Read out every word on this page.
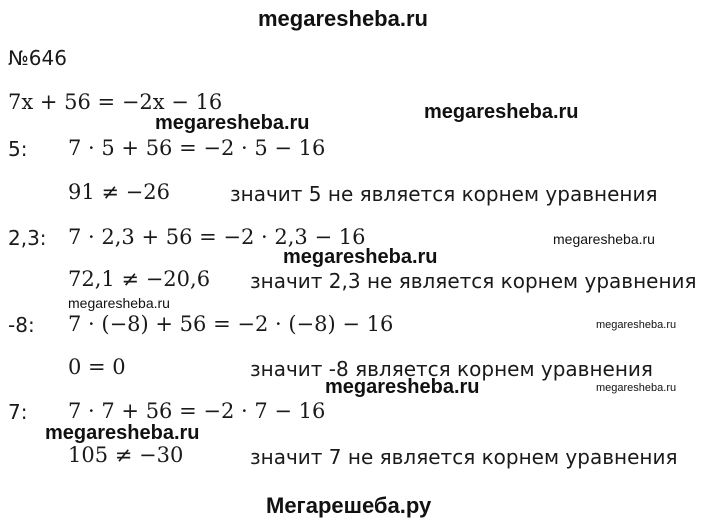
megaresheba.ru
№646
7x + 56 = −2x − 16
5: 7 · 5 + 56 = −2 · 5 − 16
91 ≠ −26	значит 5 не является корнем уравнения
2,3: 7 · 2,3 + 56 = −2 · 2,3 − 16
72,1 ≠ −20,6 значит 2,3 не является корнем уравнения
-8: 7 · (−8) + 56 = −2 · (−8) − 16
0 = 0	значит -8 является корнем уравнения
7: 7 · 7 + 56 = −2 · 7 − 16
105 ≠ −30	значит 7 не является корнем уравнения
megaresheba.ru
megaresheba.ru
megaresheba.ru
megaresheba.ru
megaresheba.ru
megaresheba.ru
megaresheba.ru	megaresheba.ru
megaresheba.ru
Мегарешеба.ру
